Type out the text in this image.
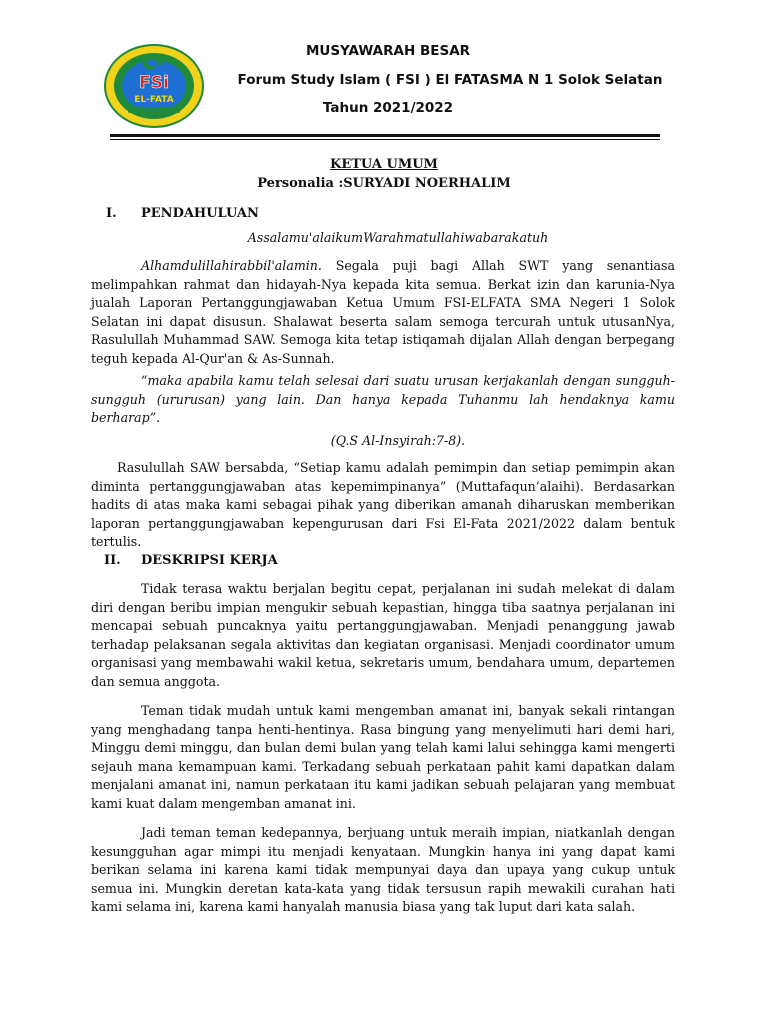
FSi
EL-FATA
MUSYAWARAH BESAR
Forum Study Islam ( FSI ) El FATASMA N 1 Solok Selatan
Tahun 2021/2022
KETUA UMUM
Personalia :SURYADI NOERHALIM
I. PENDAHULUAN
Assalamu'alaikumWarahmatullahiwabarakatuh

Alhamdulillahirabbil'alamin. Segala puji bagi Allah SWT yang senantiasa melimpahkan rahmat dan hidayah-Nya kepada kita semua. Berkat izin dan karunia-Nya jualah Laporan Pertanggungjawaban Ketua Umum FSI-ELFATA SMA Negeri 1 Solok Selatan ini dapat disusun. Shalawat beserta salam semoga tercurah untuk utusanNya, Rasulullah Muhammad SAW. Semoga kita tetap istiqamah dijalan Allah dengan berpegang teguh kepada Al-Qur'an & As-Sunnah.

“maka apabila kamu telah selesai dari suatu urusan kerjakanlah dengan sungguh-sungguh (ururusan) yang lain. Dan hanya kepada Tuhanmu lah hendaknya kamu berharap”.

(Q.S Al-Insyirah:7-8).

Rasulullah SAW bersabda, “Setiap kamu adalah pemimpin dan setiap pemimpin akan diminta pertanggungjawaban atas kepemimpinanya” (Muttafaqun’alaihi). Berdasarkan hadits di atas maka kami sebagai pihak yang diberikan amanah diharuskan memberikan laporan pertanggungjawaban kepengurusan dari Fsi El-Fata 2021/2022 dalam bentuk tertulis.

II. DESKRIPSI KERJA

Tidak terasa waktu berjalan begitu cepat, perjalanan ini sudah melekat di dalam diri dengan beribu impian mengukir sebuah kepastian, hingga tiba saatnya perjalanan ini mencapai sebuah puncaknya yaitu pertanggungjawaban. Menjadi penanggung jawab terhadap pelaksanan segala aktivitas dan kegiatan organisasi. Menjadi coordinator umum organisasi yang membawahi wakil ketua, sekretaris umum, bendahara umum, departemen dan semua anggota.

Teman tidak mudah untuk kami mengemban amanat ini, banyak sekali rintangan yang menghadang tanpa henti-hentinya. Rasa bingung yang menyelimuti hari demi hari, Minggu demi minggu, dan bulan demi bulan yang telah kami lalui sehingga kami mengerti sejauh mana kemampuan kami. Terkadang sebuah perkataan pahit kami dapatkan dalam menjalani amanat ini, namun perkataan itu kami jadikan sebuah pelajaran yang membuat kami kuat dalam mengemban amanat ini.

Jadi teman teman kedepannya, berjuang untuk meraih impian, niatkanlah dengan kesungguhan agar mimpi itu menjadi kenyataan. Mungkin hanya ini yang dapat kami berikan selama ini karena kami tidak mempunyai daya dan upaya yang cukup untuk semua ini. Mungkin deretan kata-kata yang tidak tersusun rapih mewakili curahan hati kami selama ini, karena kami hanyalah manusia biasa yang tak luput dari kata salah.
